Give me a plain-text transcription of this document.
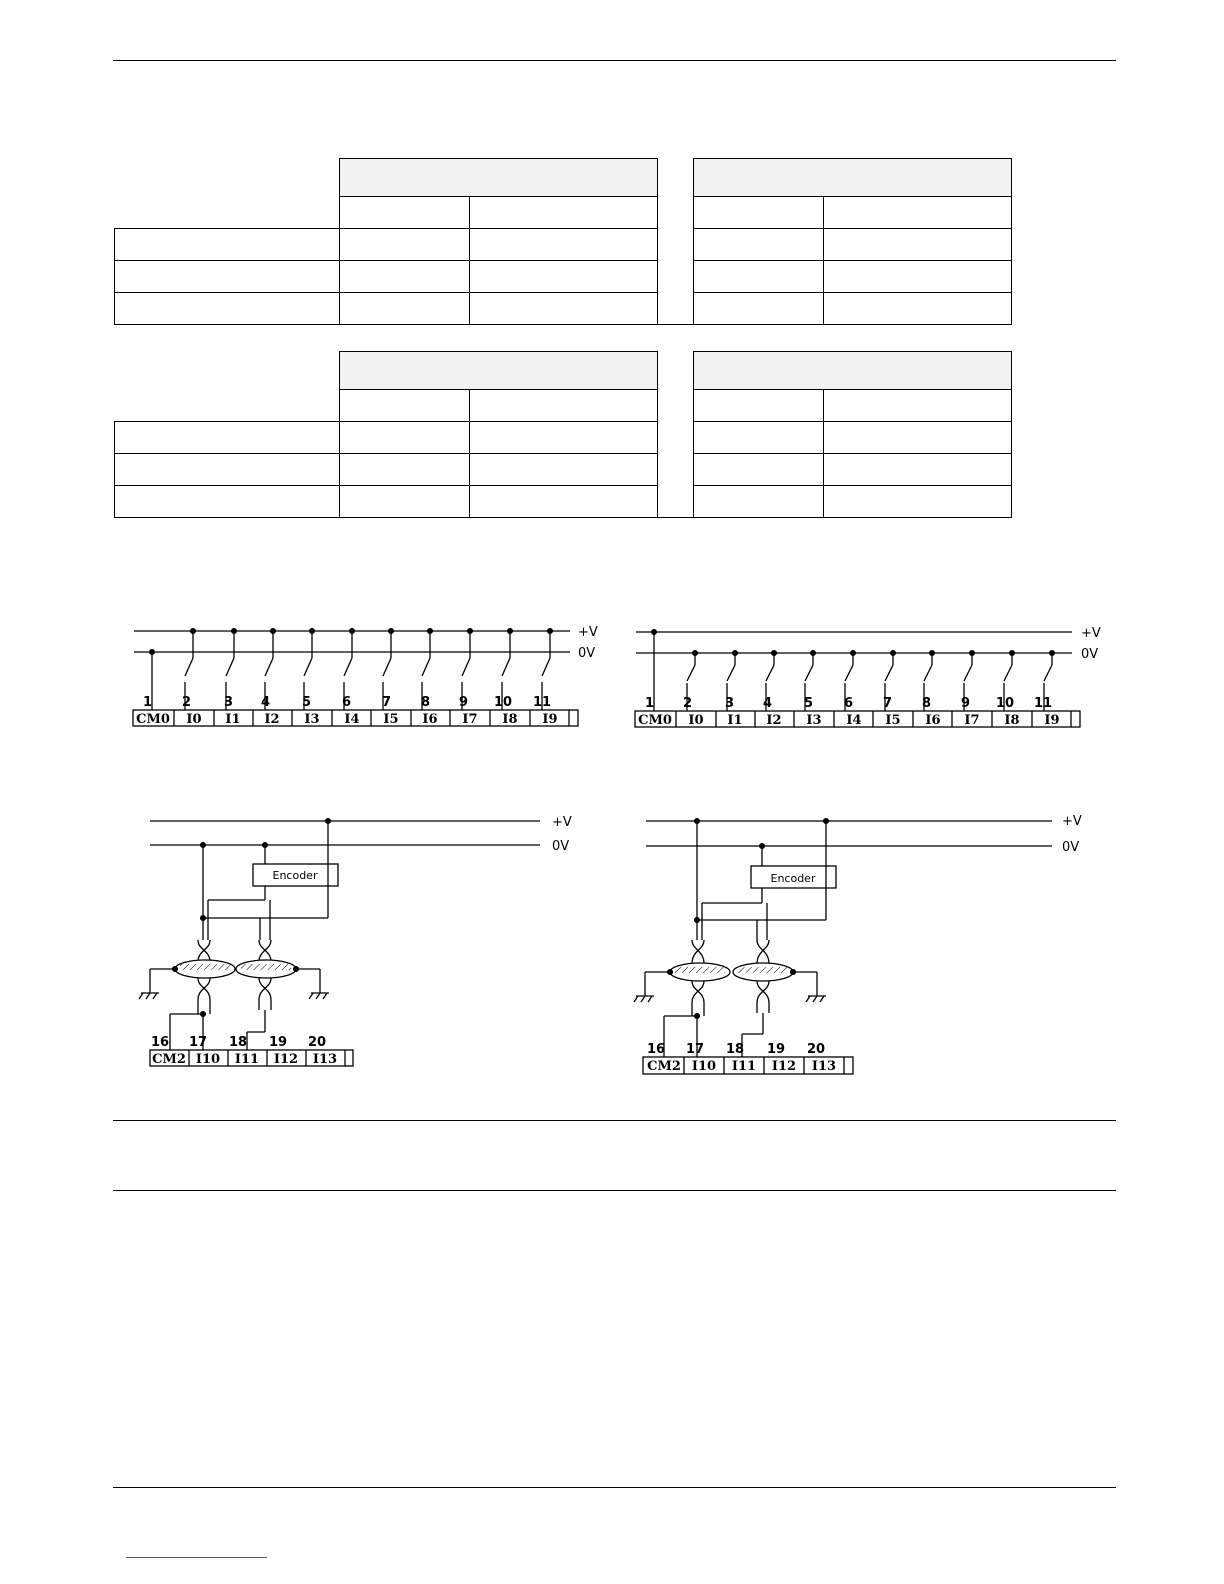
+V
0V
1 2	3 4 5 6 7 8 9 10 11
CM0 I0 I1 I2 I3 I4 I5 I6 I7 I8 I9
+V
0V
1 2	3 4 5 6 7 8 9 10 11
CM0 I0 I1 I2 I3 I4 I5 I6 I7 I8 I9
+V
0V
Encoder
16 17 18 19 20
CM2 I10 I11 I12 I13
+V
0V
Encoder
16 17 18 19 20
CM2 I10 I11 I12 I13
